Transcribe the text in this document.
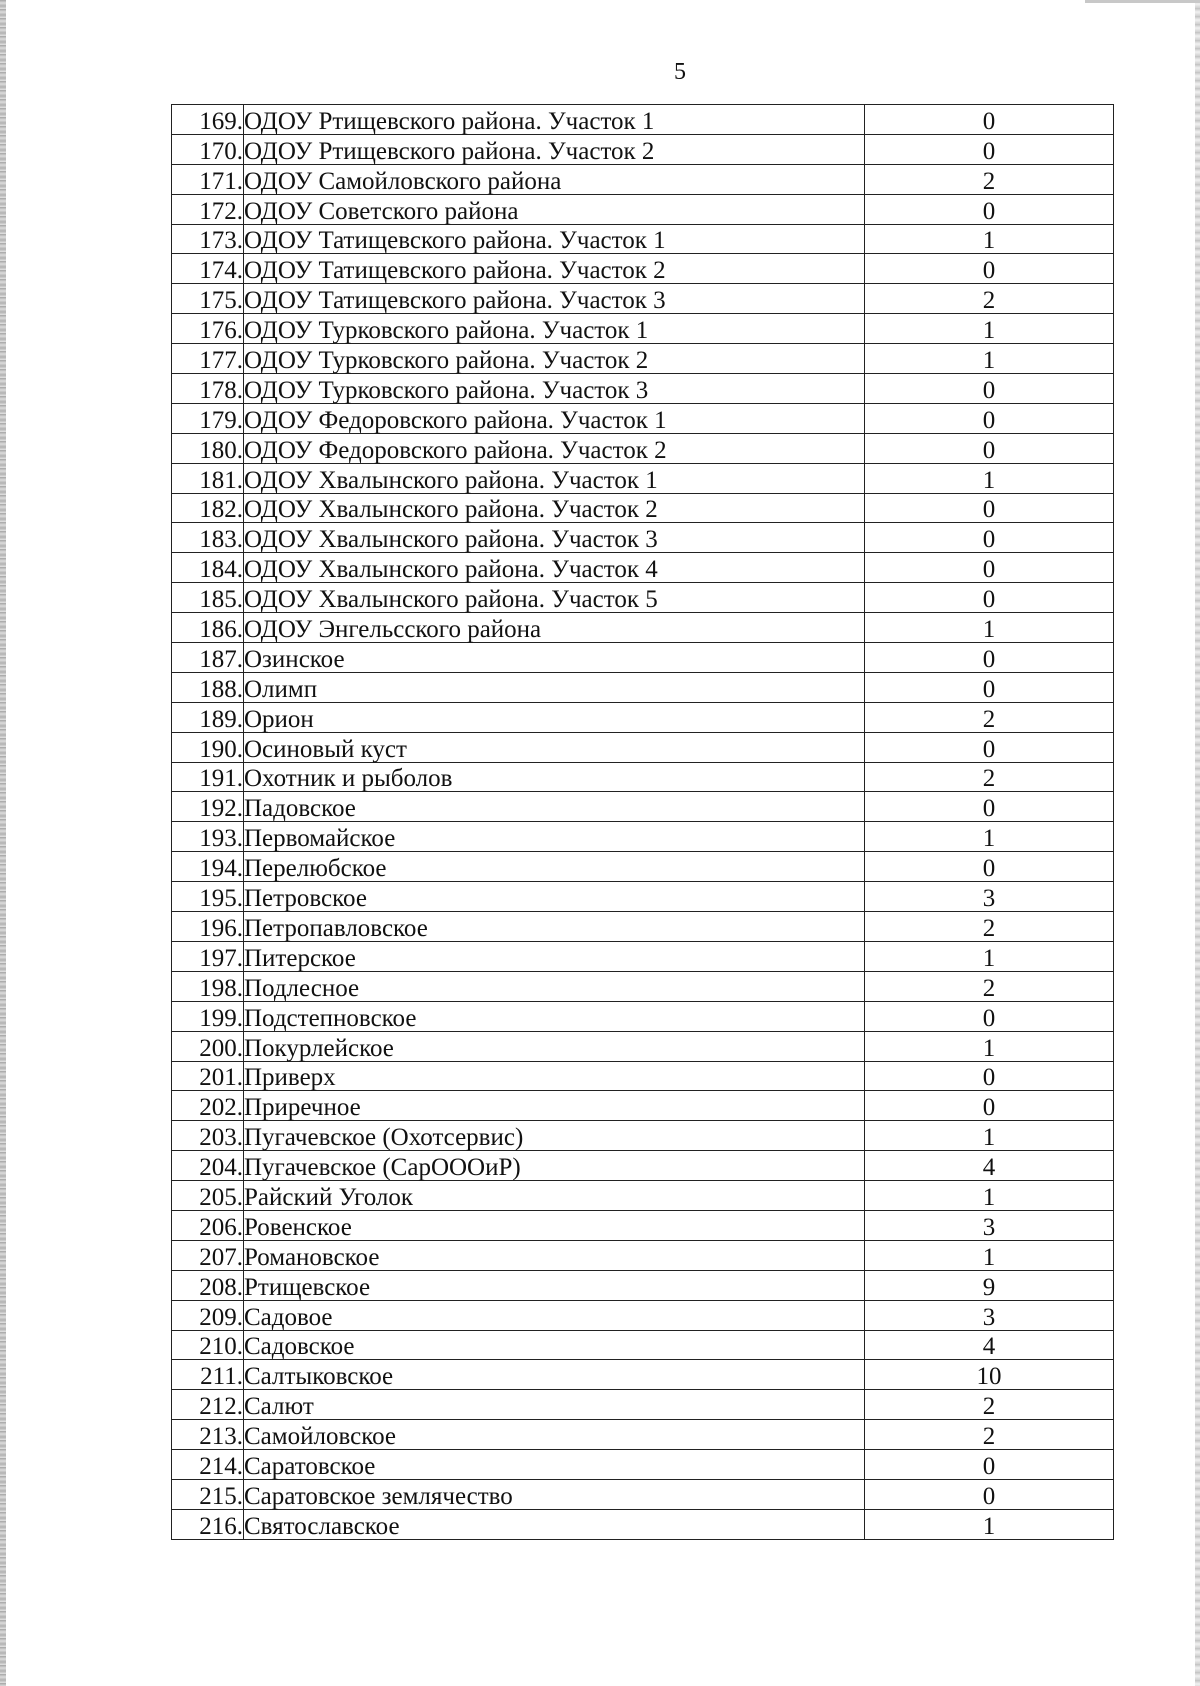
5
169.	ОДОУ Ртищевского района. Участок 1	0
170.	ОДОУ Ртищевского района. Участок 2	0
171.	ОДОУ Самойловского района	2
172.	ОДОУ Советского района	0
173.	ОДОУ Татищевского района. Участок 1	1
174.	ОДОУ Татищевского района. Участок 2	0
175.	ОДОУ Татищевского района. Участок 3	2
176.	ОДОУ Турковского района. Участок 1	1
177.	ОДОУ Турковского района. Участок 2	1
178.	ОДОУ Турковского района. Участок 3	0
179.	ОДОУ Федоровского района. Участок 1	0
180.	ОДОУ Федоровского района. Участок 2	0
181.	ОДОУ Хвалынского района. Участок 1	1
182.	ОДОУ Хвалынского района. Участок 2	0
183.	ОДОУ Хвалынского района. Участок 3	0
184.	ОДОУ Хвалынского района. Участок 4	0
185.	ОДОУ Хвалынского района. Участок 5	0
186.	ОДОУ Энгельсского района	1
187.	Озинское	0
188.	Олимп	0
189.	Орион	2
190.	Осиновый куст	0
191.	Охотник и рыболов	2
192.	Падовское	0
193.	Первомайское	1
194.	Перелюбское	0
195.	Петровское	3
196.	Петропавловское	2
197.	Питерское	1
198.	Подлесное	2
199.	Подстепновское	0
200.	Покурлейское	1
201.	Приверх	0
202.	Приречное	0
203.	Пугачевское (Охотсервис)	1
204.	Пугачевское (СарОООиР)	4
205.	Райский Уголок	1
206.	Ровенское	3
207.	Романовское	1
208.	Ртищевское	9
209.	Садовое	3
210.	Садовское	4
211.	Салтыковское	10
212.	Салют	2
213.	Самойловское	2
214.	Саратовское	0
215.	Саратовское землячество	0
216.	Святославское	1
